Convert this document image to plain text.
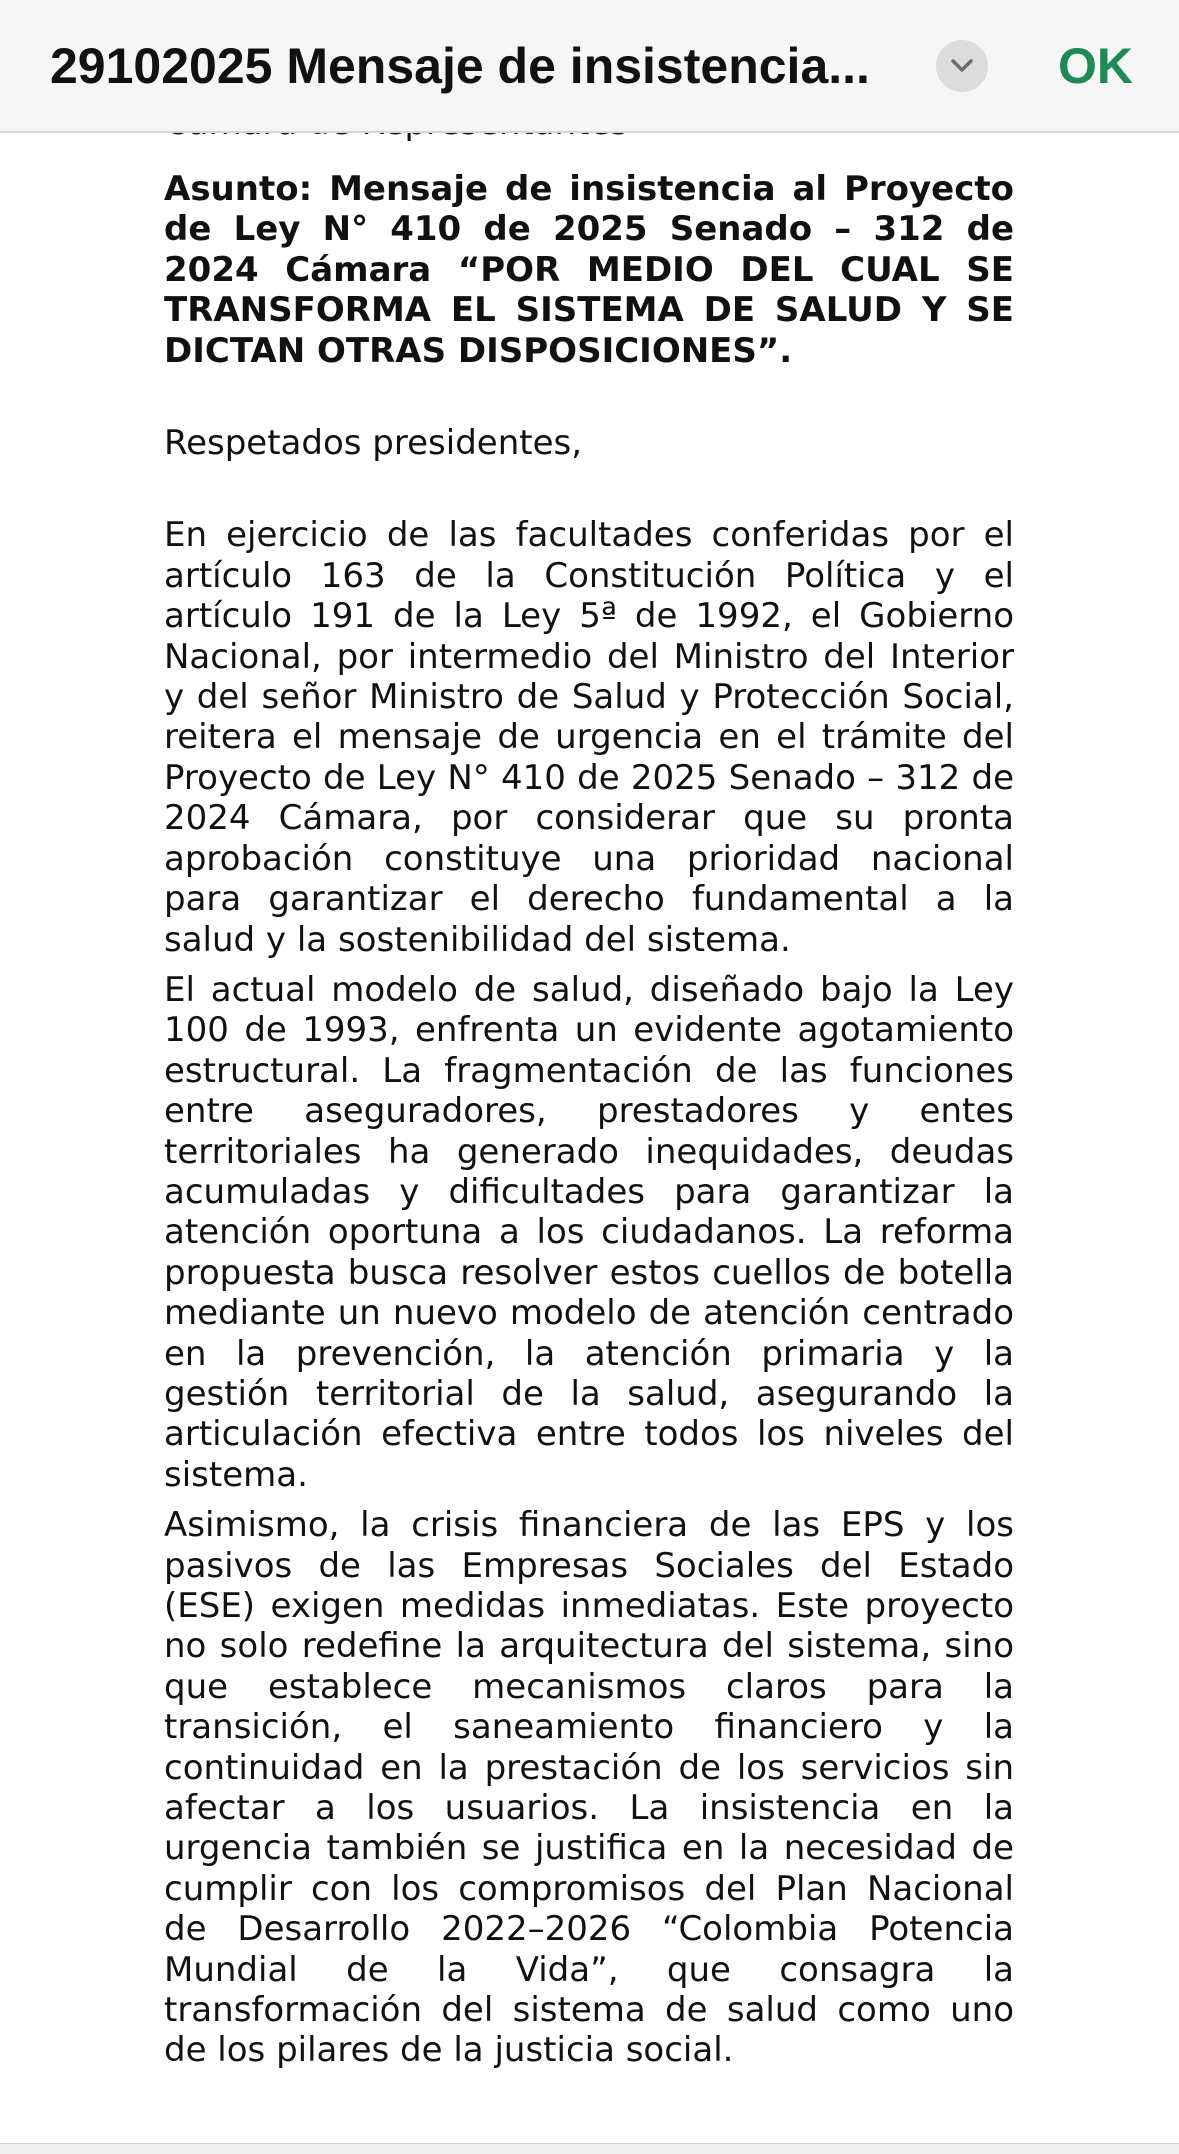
29102025 Mensaje de insistencia...	OK

Asunto: Mensaje de insistencia al Proyecto de Ley N° 410 de 2025 Senado – 312 de 2024 Cámara “POR MEDIO DEL CUAL SE TRANSFORMA EL SISTEMA DE SALUD Y SE DICTAN OTRAS DISPOSICIONES”.

Respetados presidentes,

En ejercicio de las facultades conferidas por el artículo 163 de la Constitución Política y el artículo 191 de la Ley 5ª de 1992, el Gobierno Nacional, por intermedio del Ministro del Interior y del señor Ministro de Salud y Protección Social, reitera el mensaje de urgencia en el trámite del Proyecto de Ley N° 410 de 2025 Senado – 312 de 2024 Cámara, por considerar que su pronta aprobación constituye una prioridad nacional para garantizar el derecho fundamental a la salud y la sostenibilidad del sistema.

El actual modelo de salud, diseñado bajo la Ley 100 de 1993, enfrenta un evidente agotamiento estructural. La fragmentación de las funciones entre aseguradores, prestadores y entes territoriales ha generado inequidades, deudas acumuladas y dificultades para garantizar la atención oportuna a los ciudadanos. La reforma propuesta busca resolver estos cuellos de botella mediante un nuevo modelo de atención centrado en la prevención, la atención primaria y la gestión territorial de la salud, asegurando la articulación efectiva entre todos los niveles del sistema.

Asimismo, la crisis financiera de las EPS y los pasivos de las Empresas Sociales del Estado (ESE) exigen medidas inmediatas. Este proyecto no solo redefine la arquitectura del sistema, sino que establece mecanismos claros para la transición, el saneamiento financiero y la continuidad en la prestación de los servicios sin afectar a los usuarios. La insistencia en la urgencia también se justifica en la necesidad de cumplir con los compromisos del Plan Nacional de Desarrollo 2022–2026 “Colombia Potencia Mundial de la Vida”, que consagra la transformación del sistema de salud como uno de los pilares de la justicia social.
